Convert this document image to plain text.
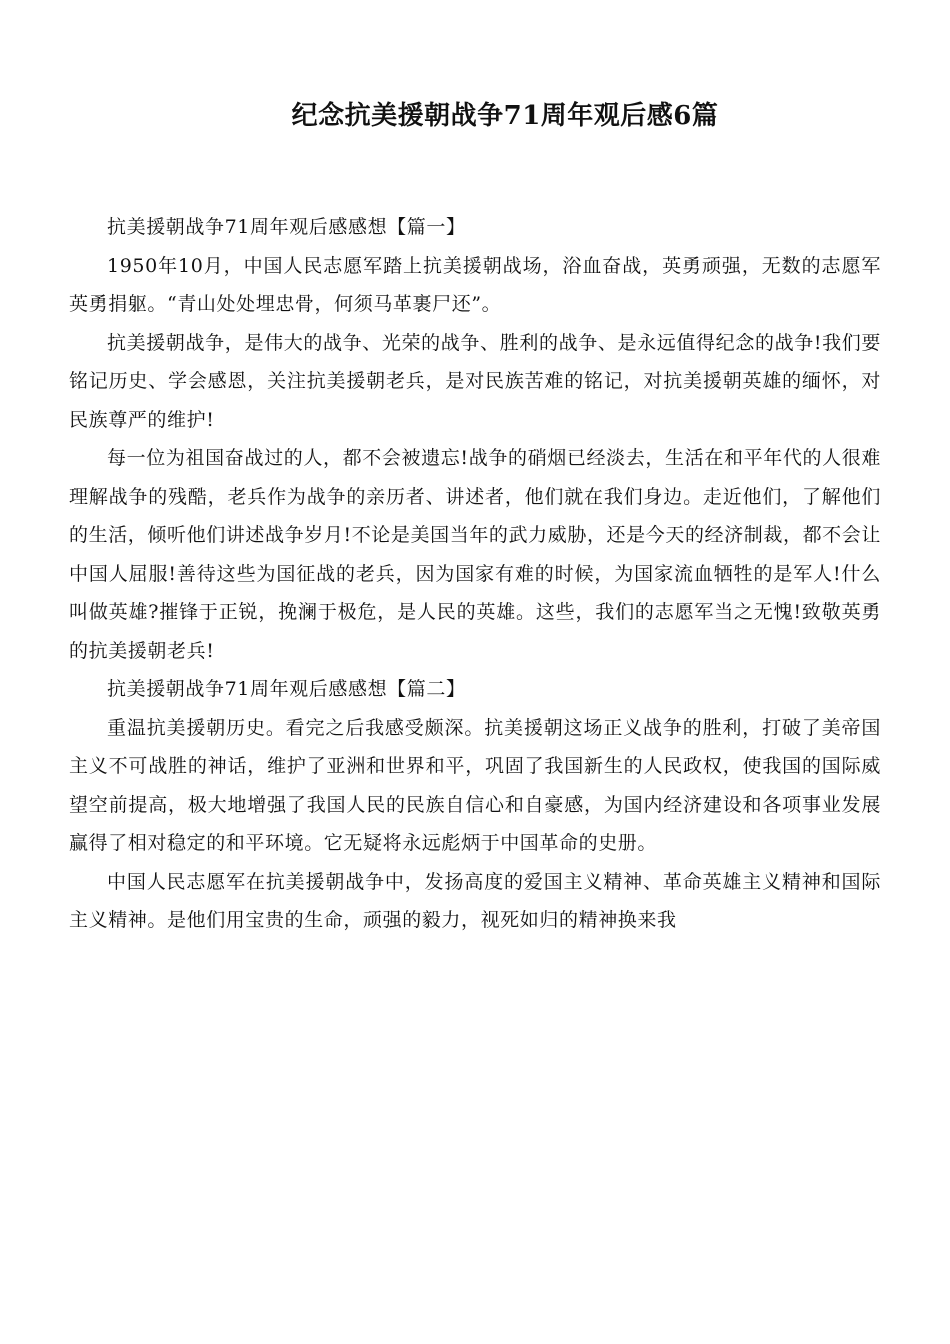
纪念抗美援朝战争71周年观后感6篇

抗美援朝战争71周年观后感感想【篇一】

1950年10月，中国人民志愿军踏上抗美援朝战场，浴血奋战，英勇顽强，无数的志愿军英勇捐躯。“青山处处埋忠骨，何须马革裹尸还”。

抗美援朝战争，是伟大的战争、光荣的战争、胜利的战争、是永远值得纪念的战争!我们要铭记历史、学会感恩，关注抗美援朝老兵，是对民族苦难的铭记，对抗美援朝英雄的缅怀，对民族尊严的维护!

每一位为祖国奋战过的人，都不会被遗忘!战争的硝烟已经淡去，生活在和平年代的人很难理解战争的残酷，老兵作为战争的亲历者、讲述者，他们就在我们身边。走近他们，了解他们的生活，倾听他们讲述战争岁月!不论是美国当年的武力威胁，还是今天的经济制裁，都不会让中国人屈服!善待这些为国征战的老兵，因为国家有难的时候，为国家流血牺牲的是军人!什么叫做英雄?摧锋于正锐，挽澜于极危，是人民的英雄。这些，我们的志愿军当之无愧!致敬英勇的抗美援朝老兵!

抗美援朝战争71周年观后感感想【篇二】

重温抗美援朝历史。看完之后我感受颇深。抗美援朝这场正义战争的胜利，打破了美帝国主义不可战胜的神话，维护了亚洲和世界和平，巩固了我国新生的人民政权，使我国的国际威望空前提高，极大地增强了我国人民的民族自信心和自豪感，为国内经济建设和各项事业发展赢得了相对稳定的和平环境。它无疑将永远彪炳于中国革命的史册。

中国人民志愿军在抗美援朝战争中，发扬高度的爱国主义精神、革命英雄主义精神和国际主义精神。是他们用宝贵的生命，顽强的毅力，视死如归的精神换来我
